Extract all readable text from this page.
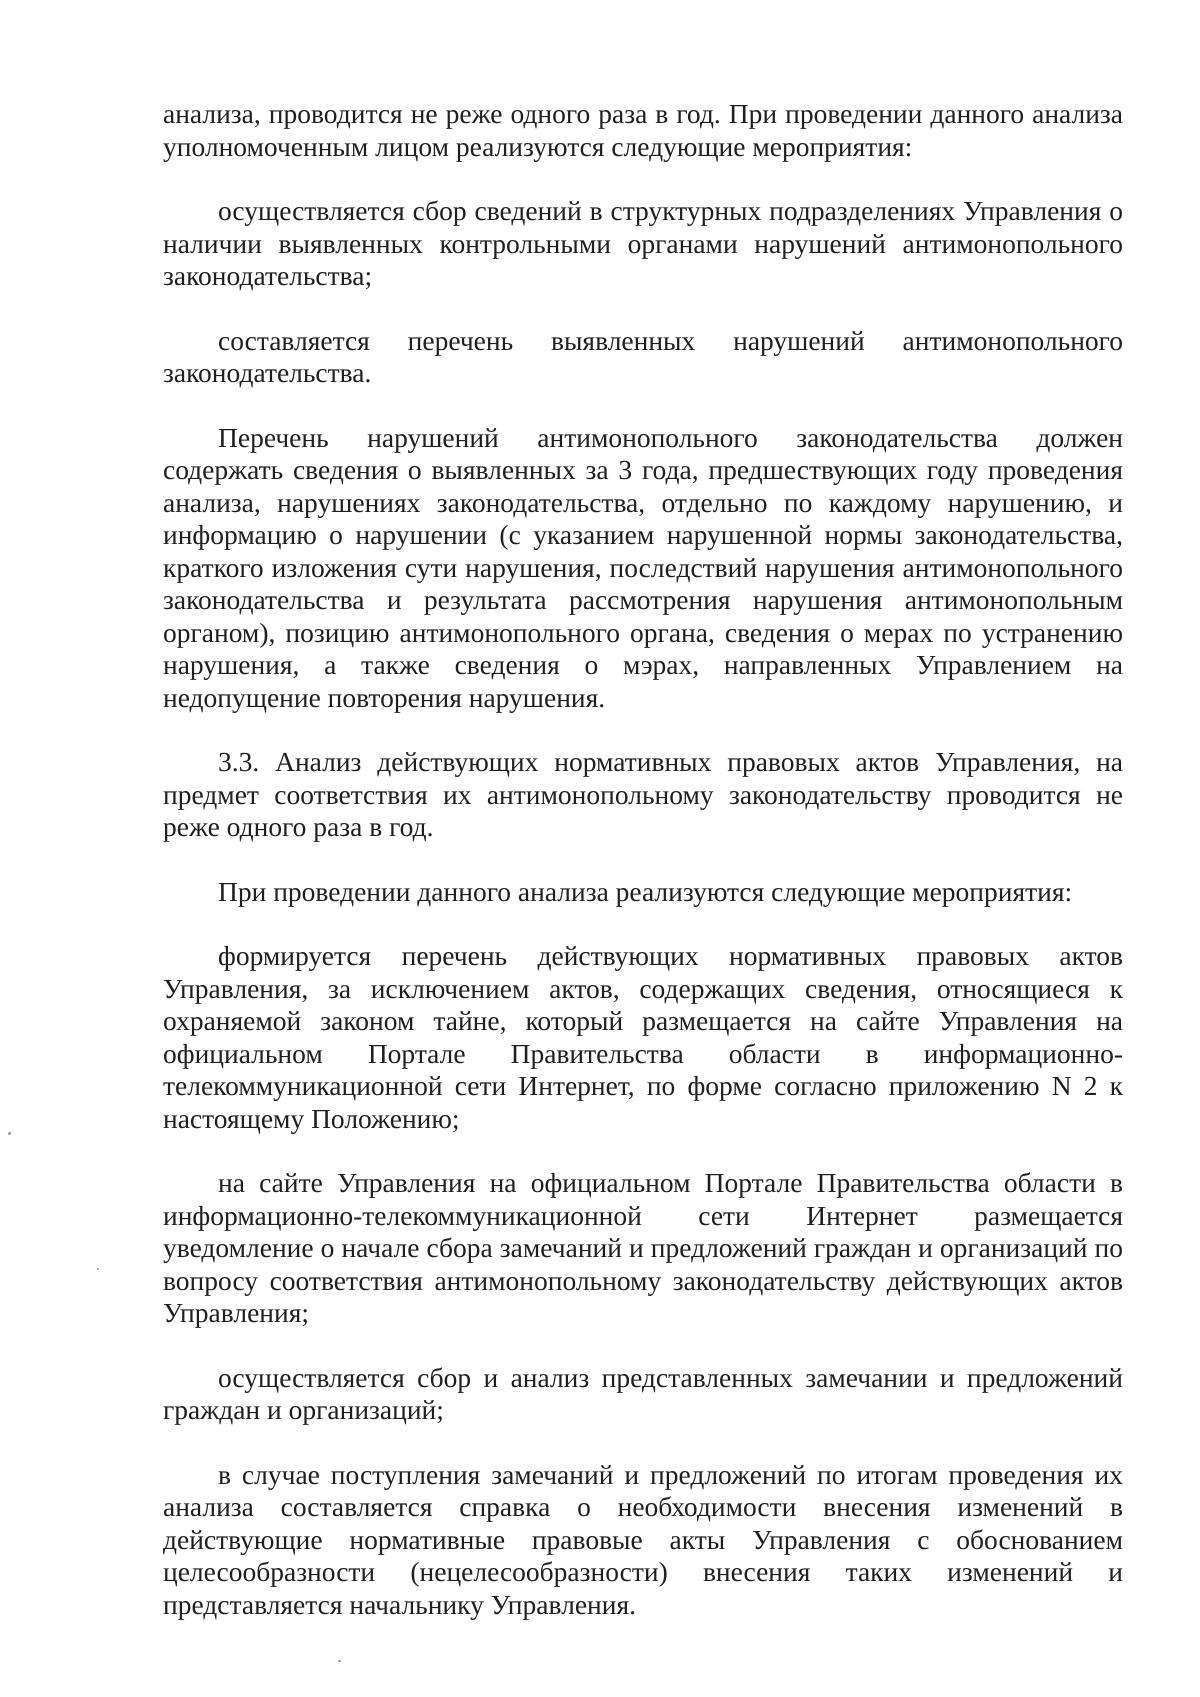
анализа, проводится не реже одного раза в год. При проведении данного анализа уполномоченным лицом реализуются следующие мероприятия:

осуществляется сбор сведений в структурных подразделениях Управления о наличии выявленных контрольными органами нарушений антимонопольного законодательства;

составляется перечень выявленных нарушений антимонопольного законодательства.

Перечень нарушений антимонопольного законодательства должен содержать сведения о выявленных за 3 года, предшествующих году проведения анализа, нарушениях законодательства, отдельно по каждому нарушению, и информацию о нарушении (с указанием нарушенной нормы законодательства, краткого изложения сути нарушения, последствий нарушения антимонопольного законодательства и результата рассмотрения нарушения антимонопольным органом), позицию антимонопольного органа, сведения о мерах по устранению нарушения, а также сведения о мэрах, направленных Управлением на недопущение повторения нарушения.

3.3. Анализ действующих нормативных правовых актов Управления, на предмет соответствия их антимонопольному законодательству проводится не реже одного раза в год.

При проведении данного анализа реализуются следующие мероприятия:

формируется перечень действующих нормативных правовых актов Управления, за исключением актов, содержащих сведения, относящиеся к охраняемой законом тайне, который размещается на сайте Управления на официальном Портале Правительства области в информационно-телекоммуникационной сети Интернет, по форме согласно приложению N 2 к настоящему Положению;

на сайте Управления на официальном Портале Правительства области в информационно-телекоммуникационной сети Интернет размещается уведомление о начале сбора замечаний и предложений граждан и организаций по вопросу соответствия антимонопольному законодательству действующих актов Управления;

осуществляется сбор и анализ представленных замечании и предложений граждан и организаций;

в случае поступления замечаний и предложений по итогам проведения их анализа составляется справка о необходимости внесения изменений в действующие нормативные правовые акты Управления с обоснованием целесообразности (нецелесообразности) внесения таких изменений и представляется начальнику Управления.
